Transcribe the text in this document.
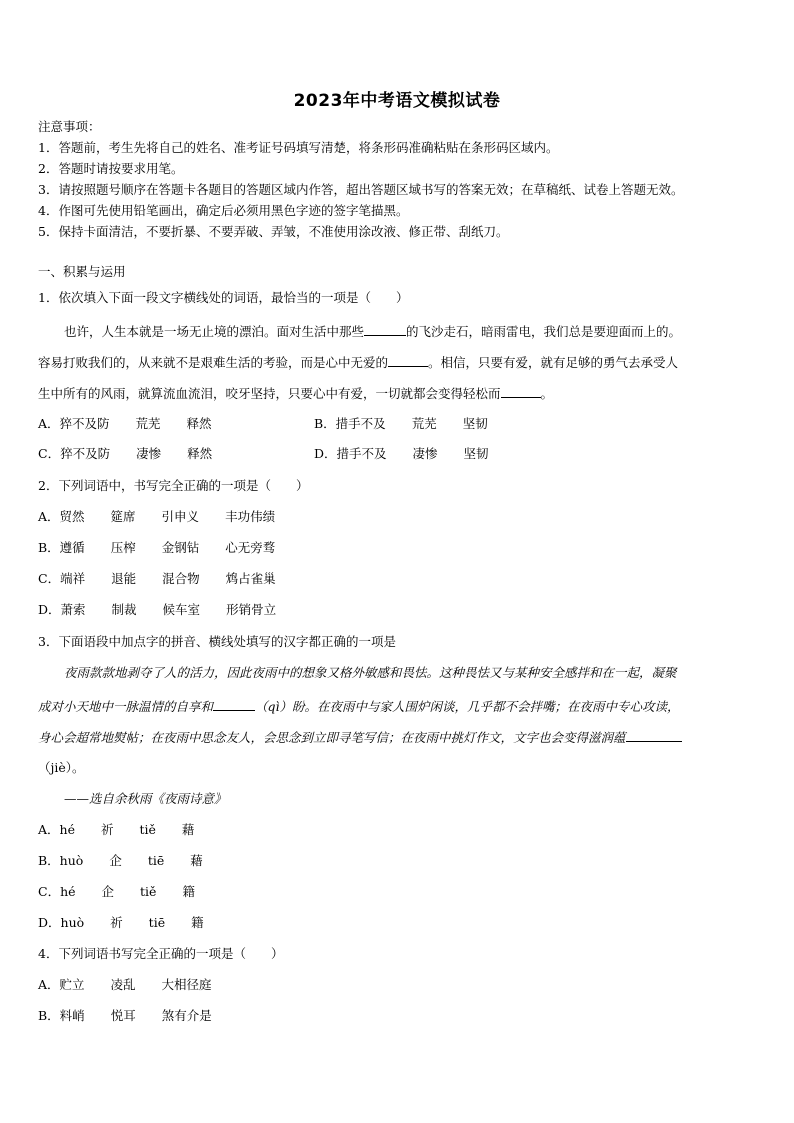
2023年中考语文模拟试卷
注意事项：
1．答题前，考生先将自己的姓名、准考证号码填写清楚，将条形码准确粘贴在条形码区域内。
2．答题时请按要求用笔。
3．请按照题号顺序在答题卡各题目的答题区域内作答，超出答题区域书写的答案无效；在草稿纸、试卷上答题无效。
4．作图可先使用铅笔画出，确定后必须用黑色字迹的签字笔描黑。
5．保持卡面清洁，不要折暴、不要弄破、弄皱，不准使用涂改液、修正带、刮纸刀。
一、积累与运用
1．依次填入下面一段文字横线处的词语，最恰当的一项是（　　）
也许，人生本就是一场无止境的漂泊。面对生活中那些	的飞沙走石，暗雨雷电，我们总是要迎面而上的。
容易打败我们的，从来就不是艰难生活的考验，而是心中无爱的	。相信，只要有爱，就有足够的勇气去承受人
生中所有的风雨，就算流血流泪，咬牙坚持，只要心中有爱，一切就都会变得轻松而	。
A．猝不及防 荒芜 释然	B．措手不及 荒芜 坚韧
C．猝不及防 凄惨 释然	D．措手不及 凄惨 坚韧
2．下列词语中，书写完全正确的一项是（　　）
A．贸然 筵席 引申义 丰功伟绩
B．遵循 压榨 金钢钻 心无旁骛
C．端祥 退能 混合物 鸩占雀巢
D．萧索 制裁 候车室 形销骨立
3．下面语段中加点字的拼音、横线处填写的汉字都正确的一项是
夜雨款款地剥夺了人的活力，因此夜雨中的想象又格外敏感和畏怯。这种畏怯又与某种安全感拌和在一起，凝聚
成对小天地中一脉温情的自享和	（qì）盼。在夜雨中与家人围炉闲谈，几乎都不会拌嘴；在夜雨中专心攻读，
身心会超常地熨帖；在夜雨中思念友人，会思念到立即寻笔写信；在夜雨中挑灯作文，文字也会变得滋润蕴
（jiè）。
——选自余秋雨《夜雨诗意》
A．hé 祈 tiě 藉
B．huò 企 tiē 藉
C．hé 企 tiě 籍
D．huò 祈 tiē 籍
4．下列词语书写完全正确的一项是（　　）
A．贮立 凌乱 大相径庭
B．料峭 悦耳 煞有介是
